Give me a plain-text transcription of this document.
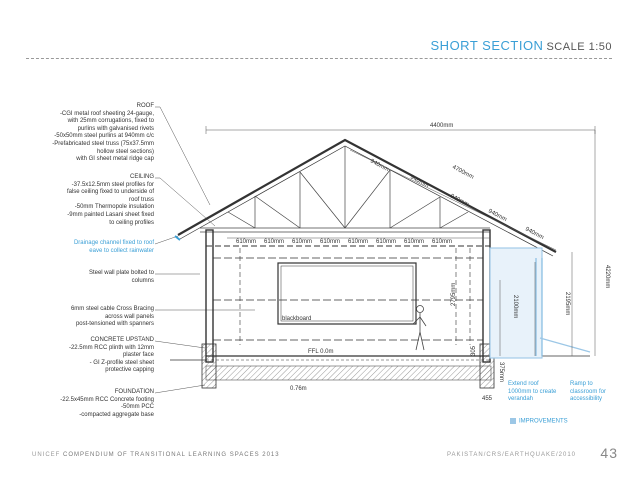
SHORT SECTION SCALE 1:50
ROOF
-CGI metal roof sheeting 24-gauge,
with 25mm corrugations, fixed to
purlins with galvanised rivets
-50x50mm steel purlins at 940mm c/c
-Prefabricated steel truss (75x37.5mm
hollow steel sections)
with GI sheet metal ridge cap
CEILING
-37.5x12.5mm steel profiles for
false ceiling fixed to underside of
roof truss
-50mm Thermopole insulation
-9mm painted Lasani sheet fixed
to ceiling profiles
Drainage channel fixed to roof
eave to collect rainwater
Steel wall plate bolted to
columns
6mm steel cable Cross Bracing
across wall panels
post-tensioned with spanners
CONCRETE UPSTAND
-22.5mm RCC plinth with 12mm
plaster face
- GI Z-profile steel sheet
protective capping
FOUNDATION
-22.5x45mm RCC Concrete footing
-50mm PCC
-compacted aggregate base
Extend roof
1000mm to create
verandah
Ramp to
classroom for
accessibility
4400mm
610mm 610mm 610mm 610mm 610mm 610mm 610mm 610mm
940mm
940mm
4700mm
940mm
940mm
940mm
4220mm
2195mm
2100mm
2795mm
305
375mm
455
FFL 0.0m
0.76m
blackboard
IMPROVEMENTS
UNICEF COMPENDIUM OF TRANSITIONAL LEARNING SPACES 2013	PAKISTAN/CRS/EARTHQUAKE/2010 43
